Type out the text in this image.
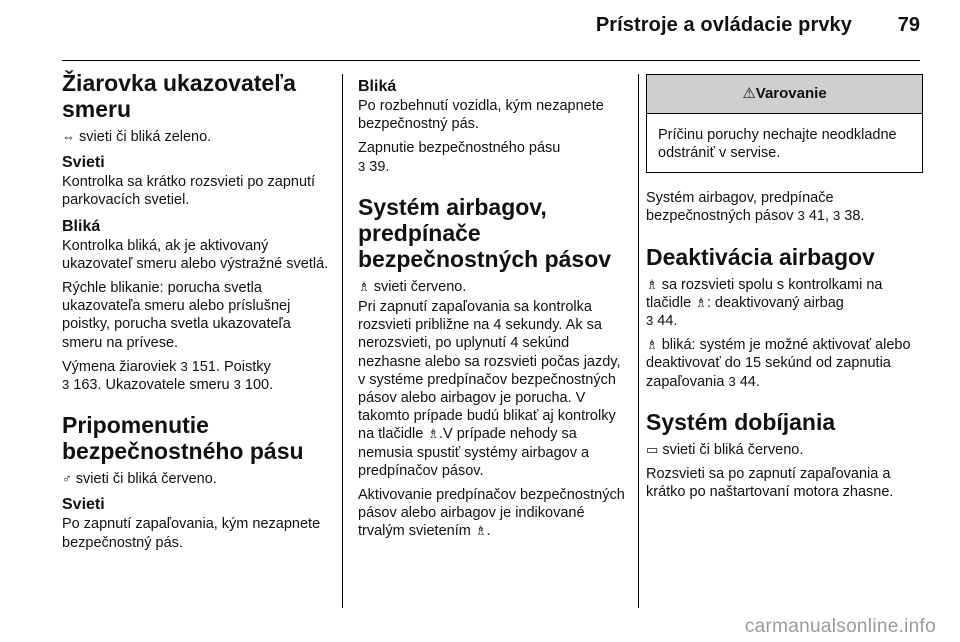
Prístroje a ovládacie prvky 79
Žiarovka ukazovateľa smeru

⇔ svieti či bliká zeleno.

Svieti

Kontrolka sa krátko rozsvieti po zapnutí parkovacích svetiel.

Bliká

Kontrolka bliká, ak je aktivovaný ukazovateľ smeru alebo výstražné svetlá.

Rýchle blikanie: porucha svetla ukazovateľa smeru alebo príslušnej poistky, porucha svetla ukazovateľa smeru na prívese.

Výmena žiaroviek 3 151. Poistky
3 163. Ukazovatele smeru 3 100.

Pripomenutie bezpečnostného pásu

♂ svieti či bliká červeno.

Svieti

Po zapnutí zapaľovania, kým nezapnete bezpečnostný pás.

Bliká

Po rozbehnutí vozidla, kým nezapnete bezpečnostný pás.

Zapnutie bezpečnostného pásu
3 39.

Systém airbagov, predpínače bezpečnostných pásov

♗ svieti červeno.

Pri zapnutí zapaľovania sa kontrolka rozsvieti približne na 4 sekundy. Ak sa nerozsvieti, po uplynutí 4 sekúnd nezhasne alebo sa rozsvieti počas jazdy, v systéme predpínačov bezpečnostných pásov alebo airbagov je porucha. V takomto prípade budú blikať aj kontrolky na tlačidle ♗.V prípade nehody sa nemusia spustiť systémy airbagov a predpínačov pásov.

Aktivovanie predpínačov bezpečnostných pásov alebo airbagov je indikované trvalým svietením ♗.

⚠Varovanie
Príčinu poruchy nechajte neodkladne odstrániť v servise.

Systém airbagov, predpínače bezpečnostných pásov 3 41, 3 38.

Deaktivácia airbagov

♗ sa rozsvieti spolu s kontrolkami na tlačidle ♗: deaktivovaný airbag
3 44.

♗ bliká: systém je možné aktivovať alebo deaktivovať do 15 sekúnd od zapnutia zapaľovania 3 44.

Systém dobíjania

▭ svieti či bliká červeno.

Rozsvieti sa po zapnutí zapaľovania a krátko po naštartovaní motora zhasne.

carmanualsonline.info
